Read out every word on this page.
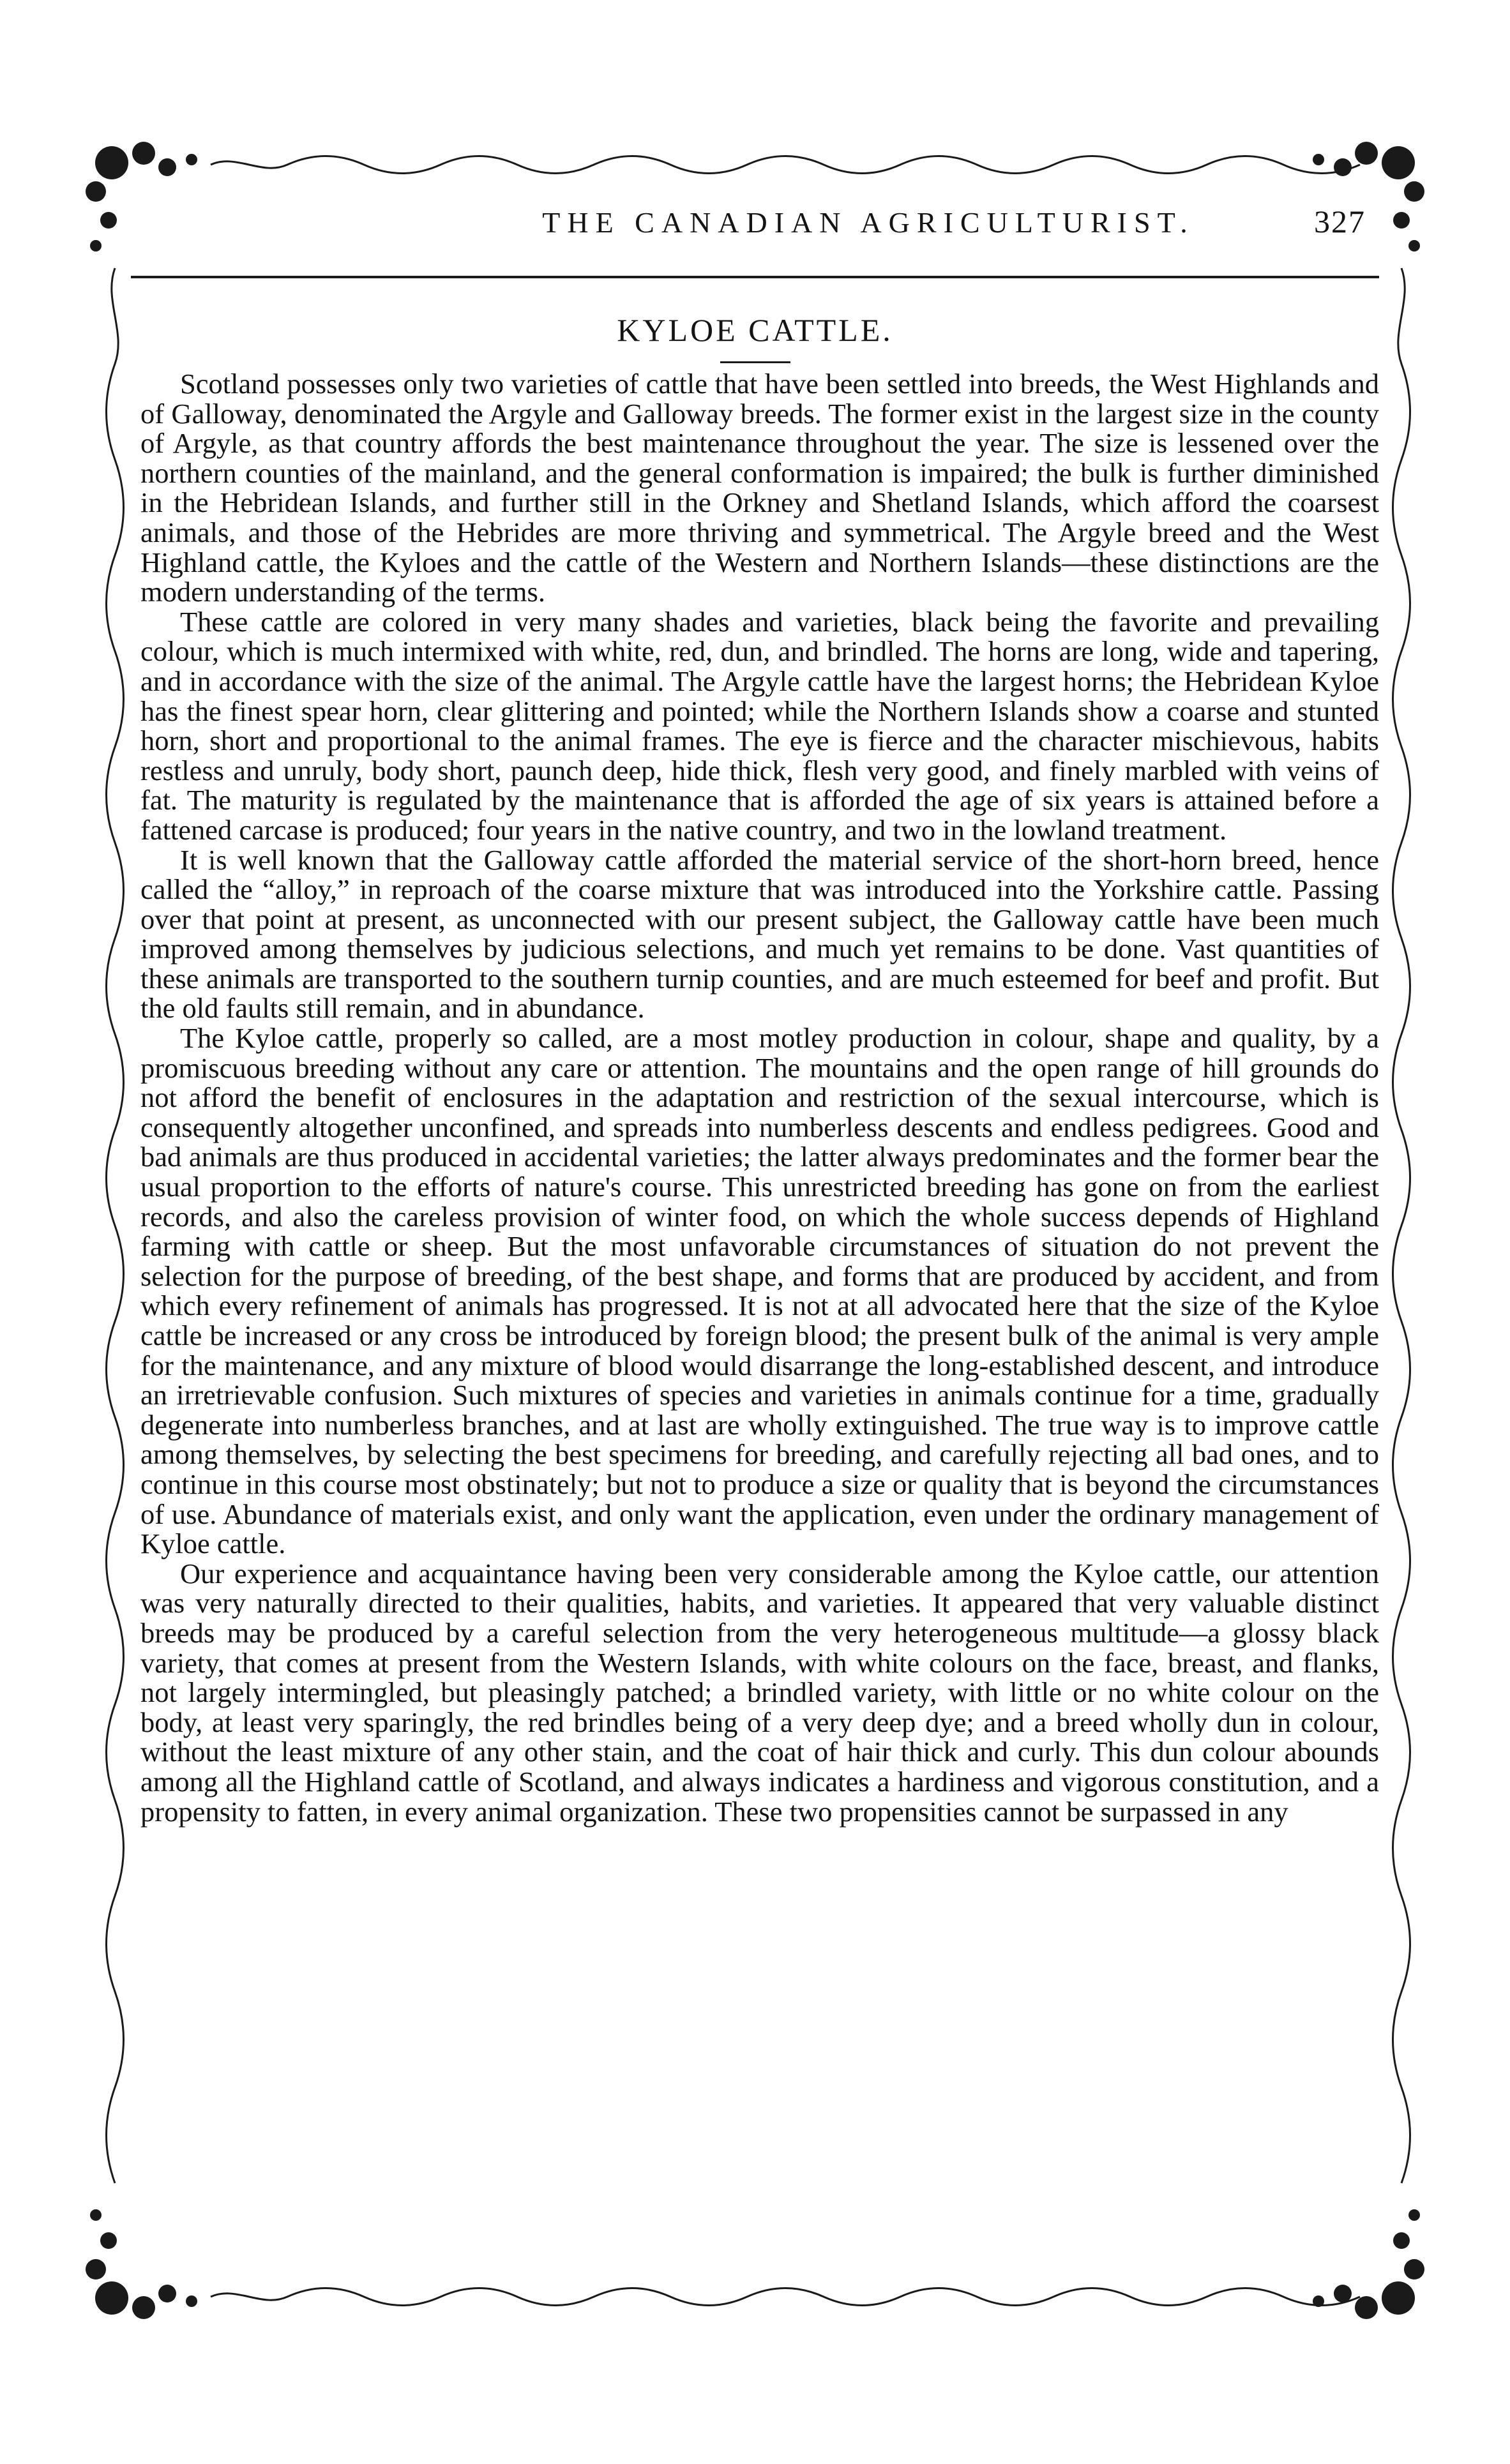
THE CANADIAN AGRICULTURIST.	327
KYLOE CATTLE.

Scotland possesses only two varieties of cattle that have been settled into breeds, the West Highlands and of Galloway, denominated the Argyle and Galloway breeds. The former exist in the largest size in the county of Argyle, as that country affords the best maintenance throughout the year. The size is lessened over the northern counties of the mainland, and the general conformation is impaired; the bulk is further diminished in the Hebridean Islands, and further still in the Orkney and Shetland Islands, which afford the coarsest animals, and those of the Hebrides are more thriving and symmetrical. The Argyle breed and the West Highland cattle, the Kyloes and the cattle of the Western and Northern Islands—these distinctions are the modern understanding of the terms.

These cattle are colored in very many shades and varieties, black being the favorite and prevailing colour, which is much intermixed with white, red, dun, and brindled. The horns are long, wide and tapering, and in accordance with the size of the animal. The Argyle cattle have the largest horns; the Hebridean Kyloe has the finest spear horn, clear glittering and pointed; while the Northern Islands show a coarse and stunted horn, short and proportional to the animal frames. The eye is fierce and the character mischievous, habits restless and unruly, body short, paunch deep, hide thick, flesh very good, and finely marbled with veins of fat. The maturity is regulated by the maintenance that is afforded the age of six years is attained before a fattened carcase is produced; four years in the native country, and two in the lowland treatment.

It is well known that the Galloway cattle afforded the material service of the short-horn breed, hence called the “alloy,” in reproach of the coarse mixture that was introduced into the Yorkshire cattle. Passing over that point at present, as unconnected with our present subject, the Galloway cattle have been much improved among themselves by judicious selections, and much yet remains to be done. Vast quantities of these animals are transported to the southern turnip counties, and are much esteemed for beef and profit. But the old faults still remain, and in abundance.

The Kyloe cattle, properly so called, are a most motley production in colour, shape and quality, by a promiscuous breeding without any care or attention. The mountains and the open range of hill grounds do not afford the benefit of enclosures in the adaptation and restriction of the sexual intercourse, which is consequently altogether unconfined, and spreads into numberless descents and endless pedigrees. Good and bad animals are thus produced in accidental varieties; the latter always predominates and the former bear the usual proportion to the efforts of nature's course. This unrestricted breeding has gone on from the earliest records, and also the careless provision of winter food, on which the whole success depends of Highland farming with cattle or sheep. But the most unfavorable circumstances of situation do not prevent the selection for the purpose of breeding, of the best shape, and forms that are produced by accident, and from which every refinement of animals has progressed. It is not at all advocated here that the size of the Kyloe cattle be increased or any cross be introduced by foreign blood; the present bulk of the animal is very ample for the maintenance, and any mixture of blood would disarrange the long-established descent, and introduce an irretrievable confusion. Such mixtures of species and varieties in animals continue for a time, gradually degenerate into numberless branches, and at last are wholly extinguished. The true way is to improve cattle among themselves, by selecting the best specimens for breeding, and carefully rejecting all bad ones, and to continue in this course most obstinately; but not to produce a size or quality that is beyond the circumstances of use. Abundance of materials exist, and only want the application, even under the ordinary management of Kyloe cattle.

Our experience and acquaintance having been very considerable among the Kyloe cattle, our attention was very naturally directed to their qualities, habits, and varieties. It appeared that very valuable distinct breeds may be produced by a careful selection from the very heterogeneous multitude—a glossy black variety, that comes at present from the Western Islands, with white colours on the face, breast, and flanks, not largely intermingled, but pleasingly patched; a brindled variety, with little or no white colour on the body, at least very sparingly, the red brindles being of a very deep dye; and a breed wholly dun in colour, without the least mixture of any other stain, and the coat of hair thick and curly. This dun colour abounds among all the Highland cattle of Scotland, and always indicates a hardiness and vigorous constitution, and a propensity to fatten, in every animal organization. These two propensities cannot be surpassed in any
